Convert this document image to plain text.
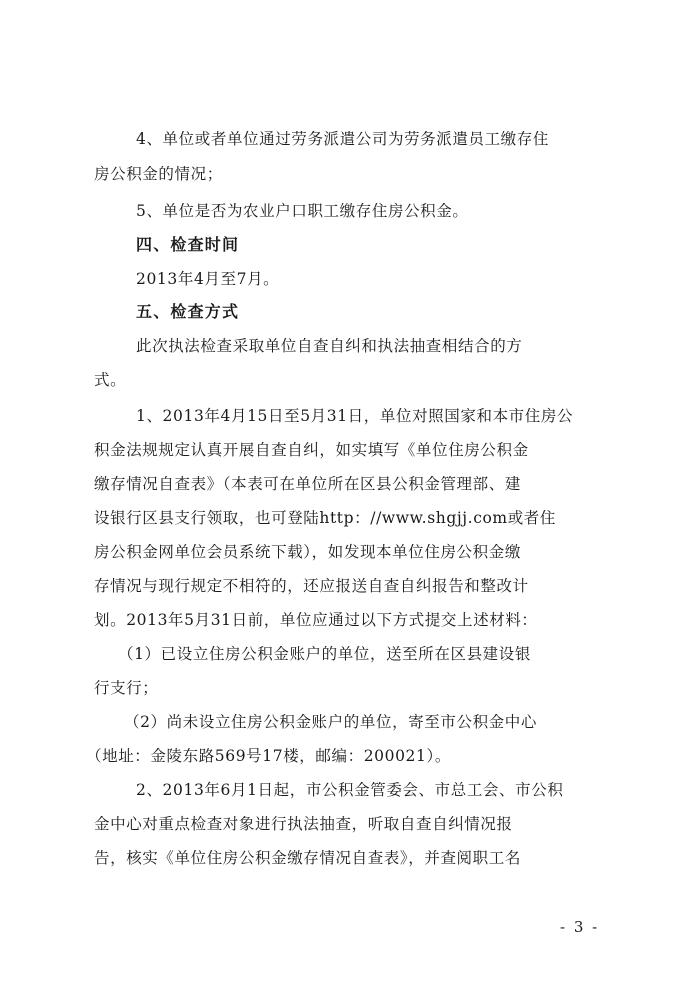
4、单位或者单位通过劳务派遣公司为劳务派遣员工缴存住
房公积金的情况；
5、单位是否为农业户口职工缴存住房公积金。
四、检查时间
2013年4月至7月。
五、检查方式
此次执法检查采取单位自查自纠和执法抽查相结合的方
式。
1、2013年4月15日至5月31日，单位对照国家和本市住房公
积金法规规定认真开展自查自纠，如实填写《单位住房公积金
缴存情况自查表》（本表可在单位所在区县公积金管理部、建
设银行区县支行领取，也可登陆http：//www.shgjj.com或者住
房公积金网单位会员系统下载），如发现本单位住房公积金缴
存情况与现行规定不相符的，还应报送自查自纠报告和整改计
划。2013年5月31日前，单位应通过以下方式提交上述材料：
（1）已设立住房公积金账户的单位，送至所在区县建设银
行支行；
（2）尚未设立住房公积金账户的单位，寄至市公积金中心
（地址：金陵东路569号17楼，邮编：200021）。
2、2013年6月1日起，市公积金管委会、市总工会、市公积
金中心对重点检查对象进行执法抽查，听取自查自纠情况报
告，核实《单位住房公积金缴存情况自查表》，并查阅职工名
- 3 -
